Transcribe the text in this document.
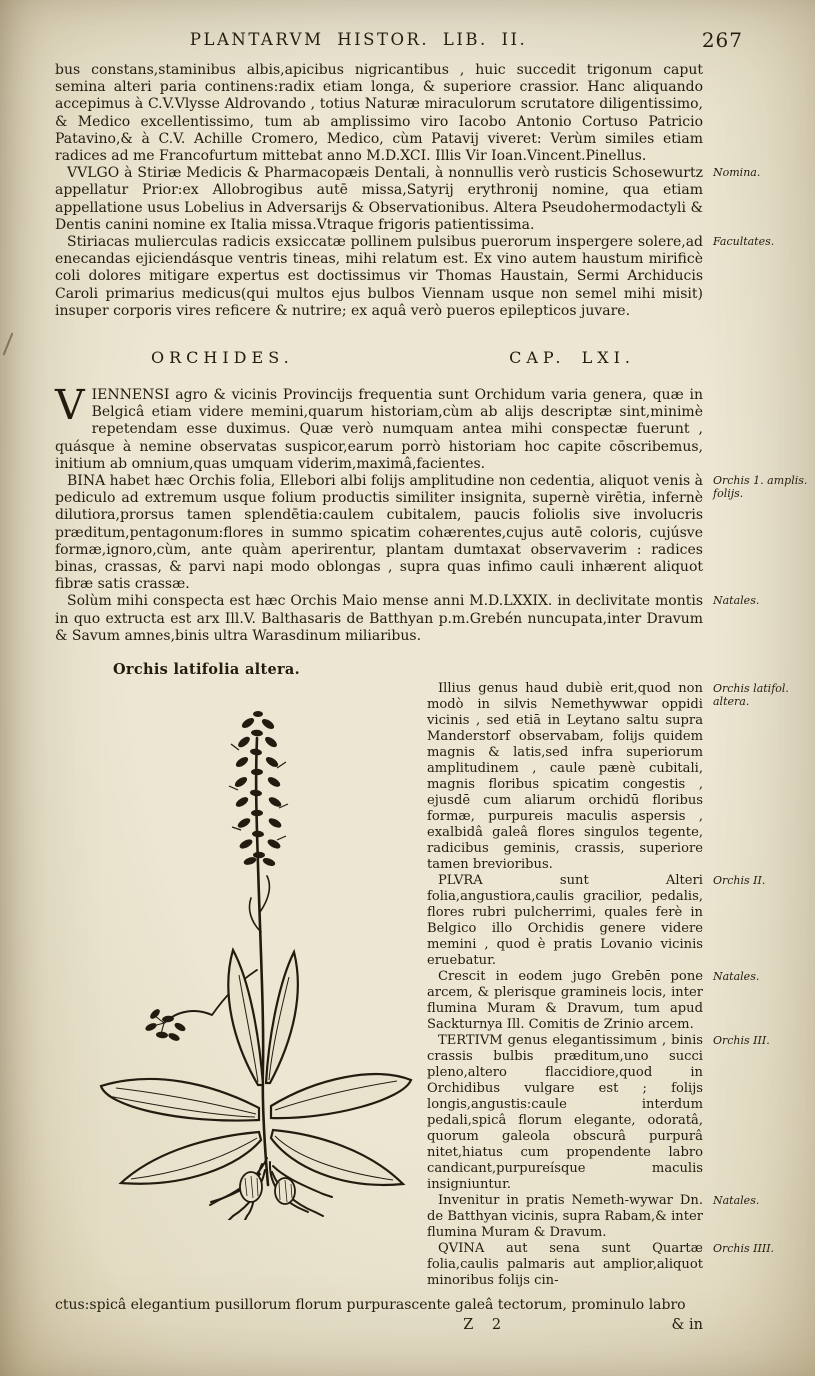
PLANTARVM HISTOR. LIB. II.	267

bus constans,staminibus albis,apicibus nigricantibus , huic succedit trigonum caput semina alteri paria continens:radix etiam longa, & superiore crassior. Hanc aliquando accepimus à C.V.Vlysse Aldrovando , totius Naturæ miraculorum scrutatore diligentissimo, & Medico excellentissimo, tum ab amplissimo viro Iacobo Antonio Cortuso Patricio Patavino,& à C.V. Achille Cromero, Medico, cùm Patavij viveret: Verùm similes etiam radices ad me Francofurtum mittebat anno M.D.XCI. Illis Vir Ioan.Vincent.Pinellus.

Nomina.
VVLGO à Stiriæ Medicis & Pharmacopæis Dentali, à nonnullis verò rusticis Schosewurtz appellatur Prior:ex Allobrogibus autē missa,Satyrij erythronij nomine, qua etiam appellatione usus Lobelius in Adversarijs & Observationibus. Altera Pseudohermodactyli & Dentis canini nomine ex Italia missa.Vtraque frigoris patientissima.

Facultates.
Stiriacas mulierculas radicis exsiccatæ pollinem pulsibus puerorum inspergere solere,ad enecandas ejiciendásque ventris tineas, mihi relatum est. Ex vino autem haustum mirificè coli dolores mitigare expertus est doctissimus vir Thomas Haustain, Sermi Archiducis Caroli primarius medicus(qui multos ejus bulbos Viennam usque non semel mihi misit) insuper corporis vires reficere & nutrire; ex aquâ verò pueros epilepticos juvare.

ORCHIDES.	CAP. LXI.

V IENNENSI agro & vicinis Provincijs frequentia sunt Orchidum varia genera, quæ in Belgicâ etiam videre memini,quarum historiam,cùm ab alijs descriptæ sint,minimè repetendam esse duximus. Quæ verò numquam antea mihi conspectæ fuerunt , quásque à nemine observatas suspicor,earum porrò historiam hoc capite cōscribemus, initium ab omnium,quas umquam viderim,maximâ,facientes.

Orchis 1. amplis. folijs.
BINA habet hæc Orchis folia, Ellebori albi folijs amplitudine non cedentia, aliquot venis à pediculo ad extremum usque folium productis similiter insignita, supernè virētia, infernè dilutiora,prorsus tamen splendētia:caulem cubitalem, paucis foliolis sive involucris præditum,pentagonum:flores in summo spicatim cohærentes,cujus autē coloris, cujúsve formæ,ignoro,cùm, ante quàm aperirentur, plantam dumtaxat observaverim : radices binas, crassas, & parvi napi modo oblongas , supra quas infimo cauli inhærent aliquot fibræ satis crassæ.

Natales.
Solùm mihi conspecta est hæc Orchis Maio mense anni M.D.LXXIX. in declivitate montis in quo extructa est arx Ill.V. Balthasaris de Batthyan p.m.Grebén nuncupata,inter Dravum & Savum amnes,binis ultra Warasdinum miliaribus.

Orchis latifolia altera.

Orchis latifol. altera.
Illius genus haud dubiè erit,quod non modò in silvis Nemethywwar oppidi vicinis , sed etiā in Leytano saltu supra Manderstorf observabam, folijs quidem magnis & latis,sed infra superiorum amplitudinem , caule pænè cubitali, magnis floribus spicatim congestis , ejusdē cum aliarum orchidū floribus formæ, purpureis maculis aspersis , exalbidâ galeâ flores singulos tegente, radicibus geminis, crassis, superiore tamen brevioribus.

Orchis II.
PLVRA sunt Alteri folia,angustiora,caulis gracilior, pedalis, flores rubri pulcherrimi, quales ferè in Belgico illo Orchidis genere videre memini , quod è pratis Lovanio vicinis eruebatur.

Natales.
Crescit in eodem jugo Grebēn pone arcem, & plerisque gramineis locis, inter flumina Muram & Dravum, tum apud Sackturnya Ill. Comitis de Zrinio arcem.

Orchis III.
TERTIVM genus elegantissimum , binis crassis bulbis præditum,uno succi pleno,altero flaccidiore,quod in Orchidibus vulgare est ; folijs longis,angustis:caule interdum pedali,spicâ florum elegante, odoratâ, quorum galeola obscurâ purpurâ nitet,hiatus cum propendente labro candicant,purpureísque maculis insigniuntur.

Natales.
Invenitur in pratis Nemeth-wywar Dn. de Batthyan vicinis, supra Rabam,& inter flumina Muram & Dravum.

Orchis IIII.
QVINA aut sena sunt Quartæ folia,caulis palmaris aut amplior,aliquot minoribus folijs cin-

ctus:spicâ elegantium pusillorum florum purpurascente galeâ tectorum, prominulo labro

Z 2	& in
